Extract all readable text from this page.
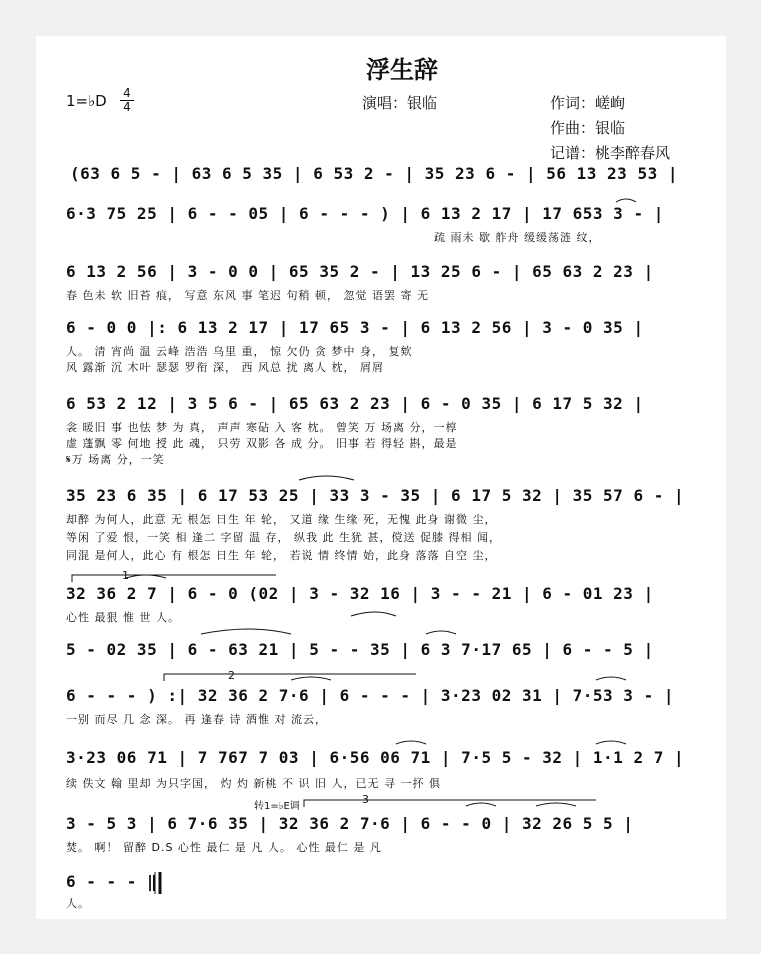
浮生辞
1=♭D 4
4	演唱：银临	作词：嵯峋
作曲：银临
记谱：桃李醉春风
(63 6 5 - | 63 6 5 35 | 6 53 2 - | 35 23 6 - | 56 13 23 53 |
6·3 75 25 | 6 - - 05 | 6 - - - ) | 6 13 2 17 | 17 653 3 - |
疏 雨未 歇 舴舟 缓缓荡涟 纹，
6 13 2 56 | 3 - 0 0 | 65 35 2 - | 13 25 6 - | 65 63 2 23 |
春 色未 软 旧苔 痕， 写意 东风 事 笔迟 句稍 顿， 忽觉 语罢 寄 无
6 - 0 0 |: 6 13 2 17 | 17 65 3 - | 6 13 2 56 | 3 - 0 35 |
人。 清 宵尚 温 云峰 浩浩 乌里 重， 惊 欠仍 贪 梦中 身， 复欸
风 露渐 沉 木叶 瑟瑟 罗衔 深， 西 风总 扰 离人 枕， 屑屑
6 53 2 12 | 3 5 6 - | 65 63 2 23 | 6 - 0 35 | 6 17 5 32 |
衾 暖旧 事 也怯 梦 为 真， 声声 寒砧 入 客 枕。 曾笑 万 场离 分，一椁
虚 蓬飘 零 何地 授 此 魂， 只劳 双影 各 成 分。 旧事 若 得轻 斟，最是
𝄋万 场离 分，一笑
35 23 6 35 | 6 17 53 25 | 33 3 - 35 | 6 17 5 32 | 35 57 6 - |
却醉 为何人，此意 无 根怎 日生 年 轮， 又道 缘 生缘 死，无愧 此身 谢微 尘，
等闲 了爱 恨，一笑 相 逢二 字留 温 存， 纵我 此 生犹 甚，傥送 促膝 得相 闻，
同混 是何人，此心 有 根怎 日生 年 轮， 若说 情 终情 始，此身 落落 自空 尘，
1
32 36 2 7 | 6 - 0 (02 | 3 - 32 16 | 3 - - 21 | 6 - 01 23 |
心性 最狠 惟 世 人。
5 - 02 35 | 6 - 63 21 | 5 - - 35 | 6 3 7·17 65 | 6 - - 5 |
2
6 - - - ) :| 32 36 2 7·6 | 6 - - - | 3·23 02 31 | 7·53 3 - |
一别 而尽 几 念 深。 再 逢春 诗 酒惟 对 流云，
3·23 06 71 | 7 767 7 03 | 6·56 06 71 | 7·5 5 - 32 | 1·1 2 7 |
续 佚文 翰 里却 为只字国， 灼 灼 新桃 不 识 旧 人，已无 寻 一抔 俱
转1=♭E调
3
3 - 5 3 | 6 7·6 35 | 32 36 2 7·6 | 6 - - 0 | 32 26 5 5 |
焚。 啊！ 留醉 D.S 心性 最仁 是 凡 人。 心性 最仁 是 凡
6 - - - ‖
人。
